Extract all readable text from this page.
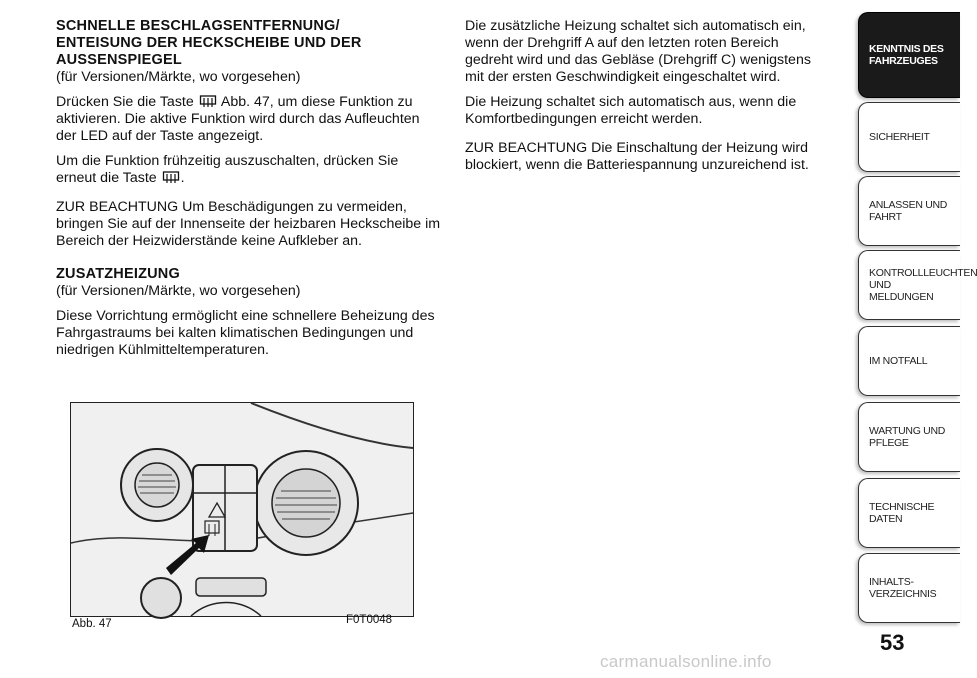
SCHNELLE BESCHLAGSENTFERNUNG/
ENTEISUNG DER HECKSCHEIBE UND DER
AUSSENSPIEGEL

(für Versionen/Märkte, wo vorgesehen)

Drücken Sie die Taste Abb. 47, um diese Funktion zu aktivieren. Die aktive Funktion wird durch das Aufleuchten der LED auf der Taste angezeigt.

Um die Funktion frühzeitig auszuschalten, drücken Sie erneut die Taste .

ZUR BEACHTUNG Um Beschädigungen zu vermeiden, bringen Sie auf der Innenseite der heizbaren Heckscheibe im Bereich der Heizwiderstände keine Aufkleber an.

ZUSATZHEIZUNG

(für Versionen/Märkte, wo vorgesehen)

Diese Vorrichtung ermöglicht eine schnellere Beheizung des Fahrgastraums bei kalten klimatischen Bedingungen und niedrigen Kühlmitteltemperaturen.

Die zusätzliche Heizung schaltet sich automatisch ein, wenn der Drehgriff A auf den letzten roten Bereich gedreht wird und das Gebläse (Drehgriff C) wenigstens mit der ersten Geschwindigkeit eingeschaltet wird.

Die Heizung schaltet sich automatisch aus, wenn die Komfortbedingungen erreicht werden.

ZUR BEACHTUNG Die Einschaltung der Heizung wird blockiert, wenn die Batteriespannung unzureichend ist.

Abb. 47	F0T0048
KENNTNIS DES FAHRZEUGES
SICHERHEIT
ANLASSEN UND FAHRT
KONTROLLLEUCHTEN UND MELDUNGEN
IM NOTFALL
WARTUNG UND PFLEGE
TECHNISCHE DATEN
INHALTS-VERZEICHNIS
53
carmanualsonline.info
